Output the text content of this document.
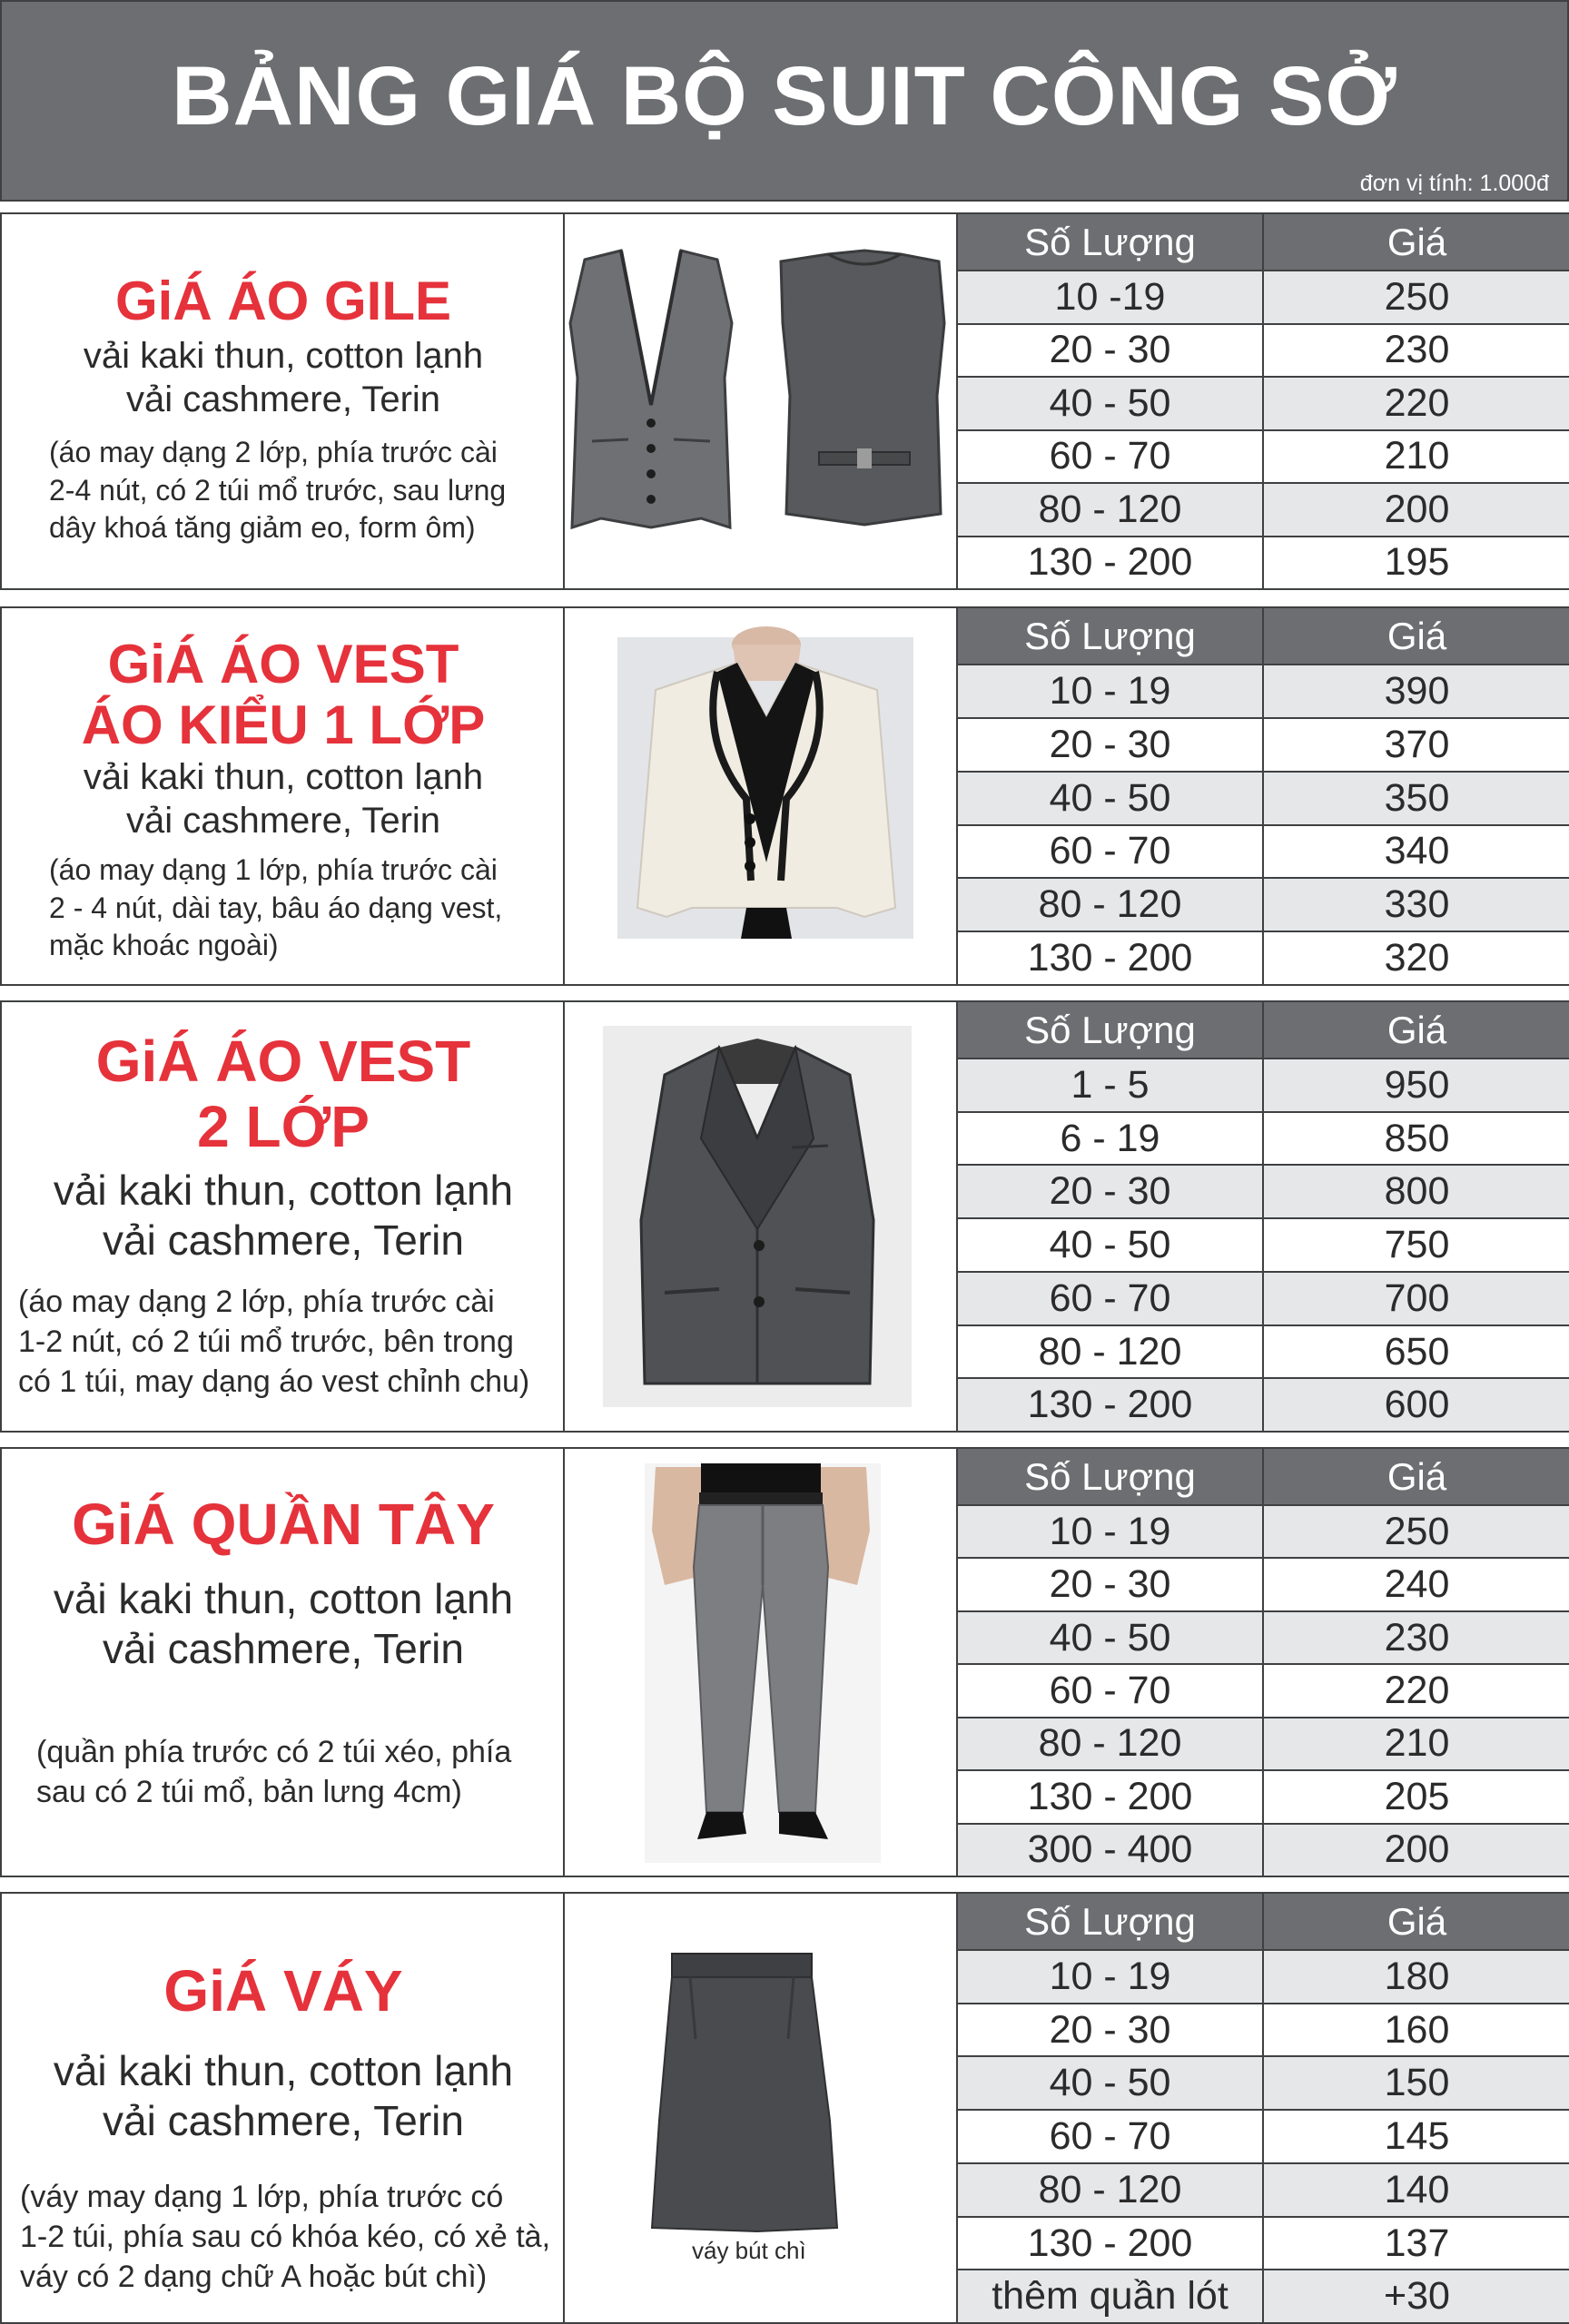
BẢNG GIÁ BỘ SUIT CÔNG SỞ
đơn vị tính: 1.000đ
GiÁ ÁO GILE
vải kaki thun, cotton lạnh
vải cashmere, Terin
(áo may dạng 2 lớp, phía trước cài
2-4 nút, có 2 túi mổ trước, sau lưng
dây khoá tăng giảm eo, form ôm)
Số Lượng	Giá
10 -19	250
20 - 30	230
40 - 50	220
60 - 70	210
80 - 120	200
130 - 200	195
GiÁ ÁO VEST
ÁO KIỂU 1 LỚP
vải kaki thun, cotton lạnh
vải cashmere, Terin
(áo may dạng 1 lớp, phía trước cài
2 - 4 nút, dài tay, bâu áo dạng vest,
mặc khoác ngoài)
Số Lượng	Giá
10 - 19	390
20 - 30	370
40 - 50	350
60 - 70	340
80 - 120	330
130 - 200	320
GiÁ ÁO VEST
2 LỚP
vải kaki thun, cotton lạnh
vải cashmere, Terin
(áo may dạng 2 lớp, phía trước cài
1-2 nút, có 2 túi mổ trước, bên trong
có 1 túi, may dạng áo vest chỉnh chu)
Số Lượng	Giá
1 - 5	950
6 - 19	850
20 - 30	800
40 - 50	750
60 - 70	700
80 - 120	650
130 - 200	600
GiÁ QUẦN TÂY
vải kaki thun, cotton lạnh
vải cashmere, Terin
(quần phía trước có 2 túi xéo, phía
sau có 2 túi mổ, bản lưng 4cm)
Số Lượng	Giá
10 - 19	250
20 - 30	240
40 - 50	230
60 - 70	220
80 - 120	210
130 - 200	205
300 - 400	200
GiÁ VÁY
vải kaki thun, cotton lạnh
vải cashmere, Terin
(váy may dạng 1 lớp, phía trước có
1-2 túi, phía sau có khóa kéo, có xẻ tà,
váy có 2 dạng chữ A hoặc bút chì)
váy bút chì
Số Lượng	Giá
10 - 19	180
20 - 30	160
40 - 50	150
60 - 70	145
80 - 120	140
130 - 200	137
thêm quần lót	+30
